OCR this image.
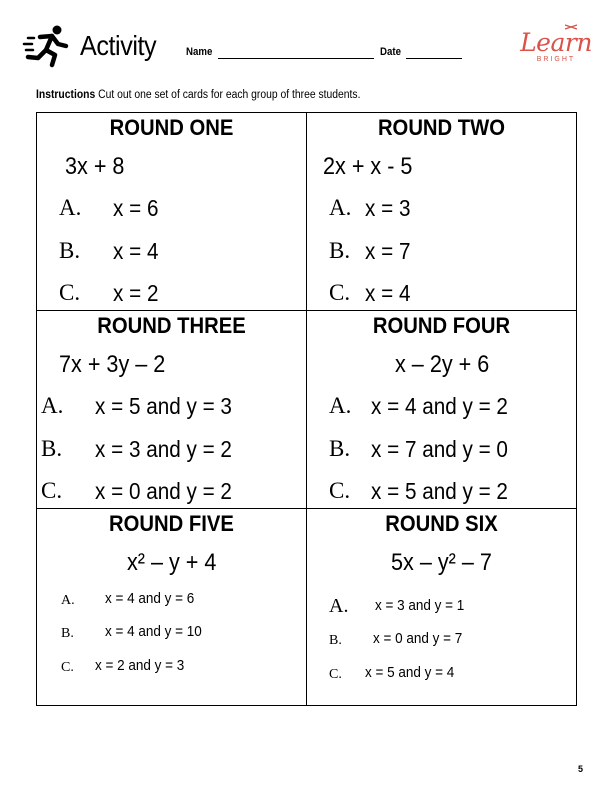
Activity	Name	Date	Learn
BRIGHT
Instructions Cut out one set of cards for each group of three students.
ROUND ONE
3x + 8
A. x = 6
B. x = 4
C. x = 2
ROUND TWO
2x + x - 5
A. x = 3
B. x = 7
C. x = 4
ROUND THREE
7x + 3y – 2
A. x = 5 and y = 3
B. x = 3 and y = 2
C. x = 0 and y = 2
ROUND FOUR
x – 2y + 6
A. x = 4 and y = 2
B. x = 7 and y = 0
C. x = 5 and y = 2
ROUND FIVE
x² – y + 4
A. x = 4 and y = 6
B. x = 4 and y = 10
C. x = 2 and y = 3
ROUND SIX
5x – y² – 7
A. x = 3 and y = 1
B. x = 0 and y = 7
C. x = 5 and y = 4
5
